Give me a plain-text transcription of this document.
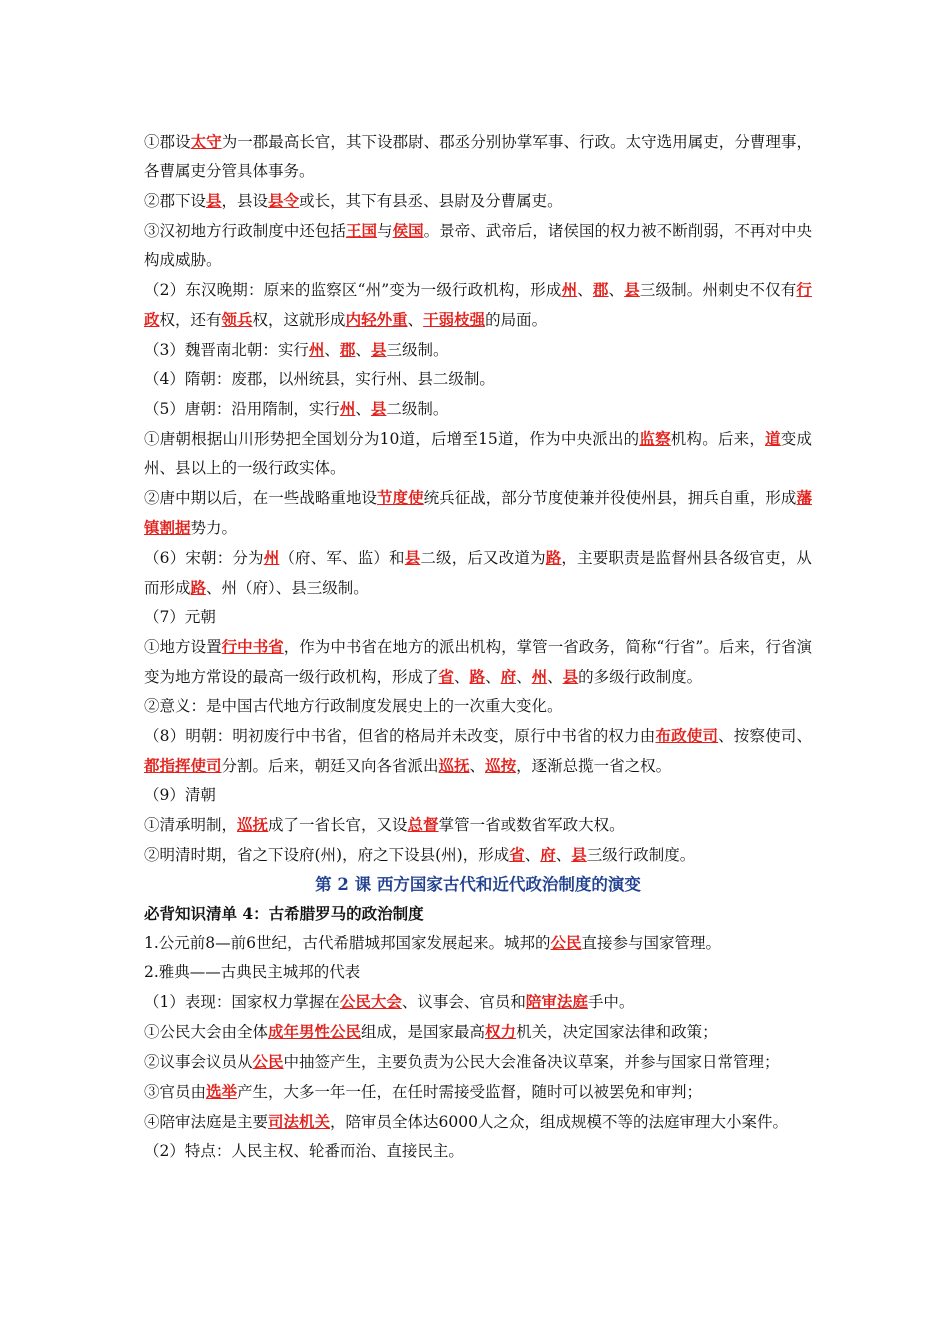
①郡设太守为一郡最高长官，其下设郡尉、郡丞分别协掌军事、行政。太守选用属吏，分曹理事，各曹属吏分管具体事务。

②郡下设县，县设县令或长，其下有县丞、县尉及分曹属吏。

③汉初地方行政制度中还包括王国与侯国。景帝、武帝后，诸侯国的权力被不断削弱，不再对中央构成威胁。

（2）东汉晚期：原来的监察区“州”变为一级行政机构，形成州、郡、县三级制。州刺史不仅有行政权，还有领兵权，这就形成内轻外重、干弱枝强的局面。

（3）魏晋南北朝：实行州、郡、县三级制。

（4）隋朝：废郡，以州统县，实行州、县二级制。

（5）唐朝：沿用隋制，实行州、县二级制。

①唐朝根据山川形势把全国划分为10道，后增至15道，作为中央派出的监察机构。后来，道变成州、县以上的一级行政实体。

②唐中期以后，在一些战略重地设节度使统兵征战，部分节度使兼并役使州县，拥兵自重，形成藩镇割据势力。

（6）宋朝：分为州（府、军、监）和县二级，后又改道为路，主要职责是监督州县各级官吏，从而形成路、州（府）、县三级制。

（7）元朝

①地方设置行中书省，作为中书省在地方的派出机构，掌管一省政务，简称“行省”。后来，行省演变为地方常设的最高一级行政机构，形成了省、路、府、州、县的多级行政制度。

②意义：是中国古代地方行政制度发展史上的一次重大变化。

（8）明朝：明初废行中书省，但省的格局并未改变，原行中书省的权力由布政使司、按察使司、都指挥使司分割。后来，朝廷又向各省派出巡抚、巡按，逐渐总揽一省之权。

（9）清朝

①清承明制，巡抚成了一省长官，又设总督掌管一省或数省军政大权。

②明清时期，省之下设府(州)，府之下设县(州)，形成省、府、县三级行政制度。

第 2 课 西方国家古代和近代政治制度的演变

必背知识清单 4：古希腊罗马的政治制度

1.公元前8—前6世纪，古代希腊城邦国家发展起来。城邦的公民直接参与国家管理。

2.雅典——古典民主城邦的代表

（1）表现：国家权力掌握在公民大会、议事会、官员和陪审法庭手中。

①公民大会由全体成年男性公民组成，是国家最高权力机关，决定国家法律和政策；

②议事会议员从公民中抽签产生，主要负责为公民大会准备决议草案，并参与国家日常管理；

③官员由选举产生，大多一年一任，在任时需接受监督，随时可以被罢免和审判；

④陪审法庭是主要司法机关，陪审员全体达6000人之众，组成规模不等的法庭审理大小案件。

（2）特点：人民主权、轮番而治、直接民主。
